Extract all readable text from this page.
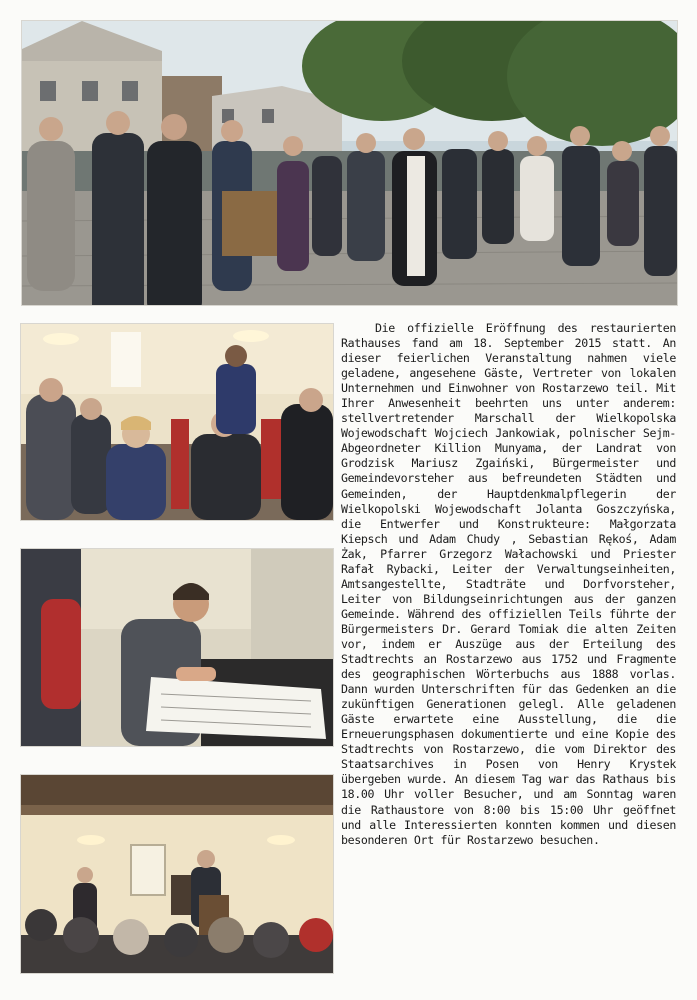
Die offizielle Eröffnung des restaurierten Rathauses fand am 18. September 2015 statt. An dieser feierlichen Veranstaltung nahmen viele geladene, angesehene Gäste, Vertreter von lokalen Unternehmen und Einwohner von Rostarzewo teil. Mit Ihrer Anwesenheit beehrten uns unter anderem: stellvertretender Marschall der Wielkopolska Wojewodschaft Wojciech Jankowiak, polnischer Sejm-Abgeordneter Killion Munyama, der Landrat von Grodzisk Mariusz Zgaiński, Bürgermeister und Gemeindevorsteher aus befreundeten Städten und Gemeinden, der Hauptdenkmalpflegerin der Wielkopolski Wojewodschaft Jolanta Goszczyńska, die Entwerfer und Konstrukteure: Małgorzata Kiepsch und Adam Chudy , Sebastian Rękoś, Adam Żak, Pfarrer Grzegorz Wałachowski und Priester Rafał Rybacki, Leiter der Verwaltungseinheiten, Amtsangestellte, Stadträte und Dorfvorsteher, Leiter von Bildungseinrichtungen aus der ganzen Gemeinde. Während des offiziellen Teils führte der Bürgermeisters Dr. Gerard Tomiak die alten Zeiten vor, indem er Auszüge aus der Erteilung des Stadtrechts an Rostarzewo aus 1752 und Fragmente des geographischen Wörterbuchs aus 1888 vorlas. Dann wurden Unterschriften für das Gedenken an die zukünftigen Generationen gelegl. Alle geladenen Gäste erwartete eine Ausstellung, die die Erneuerungsphasen dokumentierte und eine Kopie des Stadtrechts von Rostarzewo, die vom Direktor des Staatsarchives in Posen von Henry Krystek übergeben wurde. An diesem Tag war das Rathaus bis 18.00 Uhr voller Besucher, und am Sonntag waren die Rathaustore von 8:00 bis 15:00 Uhr geöffnet und alle Interessierten konnten kommen und diesen besonderen Ort für Rostarzewo besuchen.
